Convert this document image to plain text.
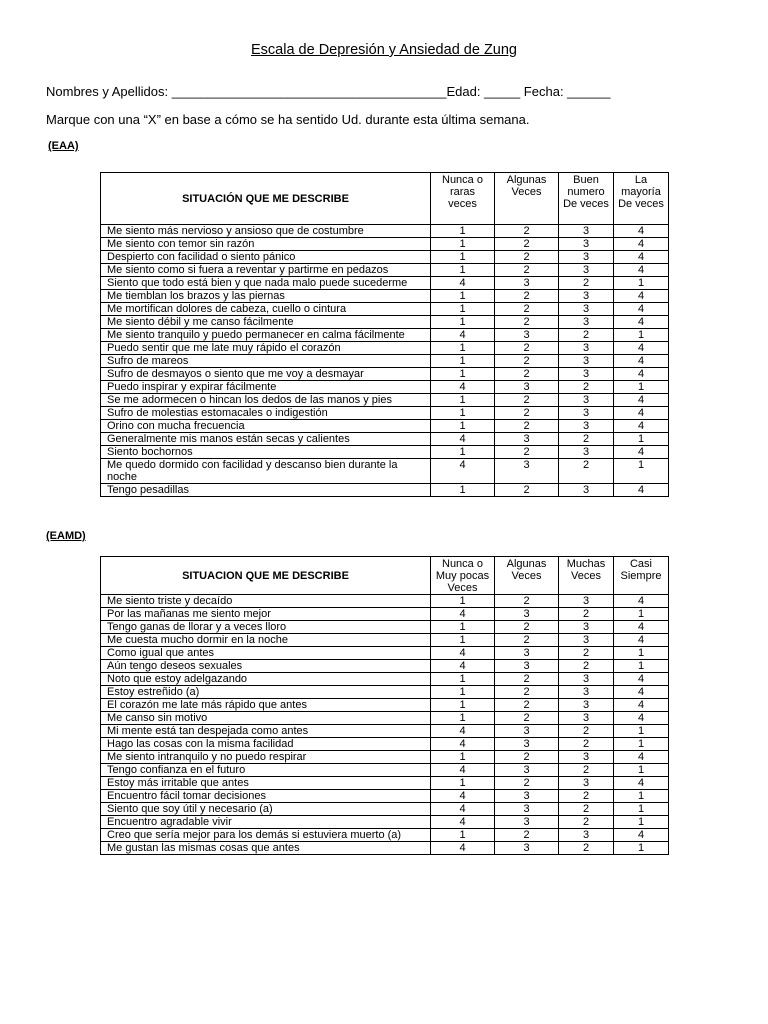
Escala de Depresión y Ansiedad de Zung
Nombres y Apellidos: ______________________________________Edad: _____ Fecha: ______
Marque con una “X” en base a cómo se ha sentido Ud. durante esta última semana.
(EAA)
SITUACIÓN QUE ME DESCRIBE	Nunca o raras veces	Algunas Veces	Buen numero De veces	La mayoría De veces
Me siento más nervioso y ansioso que de costumbre	1	2	3	4
Me siento con temor sin razón	1	2	3	4
Despierto con facilidad o siento pánico	1	2	3	4
Me siento como si fuera a reventar y partirme en pedazos	1	2	3	4
Siento que todo está bien y que nada malo puede sucederme	4	3	2	1
Me tiemblan los brazos y las piernas	1	2	3	4
Me mortifican dolores de cabeza, cuello o cintura	1	2	3	4
Me siento débil y me canso fácilmente	1	2	3	4
Me siento tranquilo y puedo permanecer en calma fácilmente	4	3	2	1
Puedo sentir que me late muy rápido el corazón	1	2	3	4
Sufro de mareos	1	2	3	4
Sufro de desmayos o siento que me voy a desmayar	1	2	3	4
Puedo inspirar y expirar fácilmente	4	3	2	1
Se me adormecen o hincan los dedos de las manos y pies	1	2	3	4
Sufro de molestias estomacales o indigestión	1	2	3	4
Orino con mucha frecuencia	1	2	3	4
Generalmente mis manos están secas y calientes	4	3	2	1
Siento bochornos	1	2	3	4
Me quedo dormido con facilidad y descanso bien durante la noche	4	3	2	1
Tengo pesadillas	1	2	3	4
(EAMD)
SITUACION QUE ME DESCRIBE	Nunca o Muy pocas Veces	Algunas Veces	Muchas Veces	Casi Siempre
Me siento triste y decaído	1	2	3	4
Por las mañanas me siento mejor	4	3	2	1
Tengo ganas de llorar y a veces lloro	1	2	3	4
Me cuesta mucho dormir en la noche	1	2	3	4
Como igual que antes	4	3	2	1
Aún tengo deseos sexuales	4	3	2	1
Noto que estoy adelgazando	1	2	3	4
Estoy estreñido (a)	1	2	3	4
El corazón me late más rápido que antes	1	2	3	4
Me canso sin motivo	1	2	3	4
Mi mente está tan despejada como antes	4	3	2	1
Hago las cosas con la misma facilidad	4	3	2	1
Me siento intranquilo y no puedo respirar	1	2	3	4
Tengo confianza en el futuro	4	3	2	1
Estoy más irritable que antes	1	2	3	4
Encuentro fácil tomar decisiones	4	3	2	1
Siento que soy útil y necesario (a)	4	3	2	1
Encuentro agradable vivir	4	3	2	1
Creo que sería mejor para los demás si estuviera muerto (a)	1	2	3	4
Me gustan las mismas cosas que antes	4	3	2	1
